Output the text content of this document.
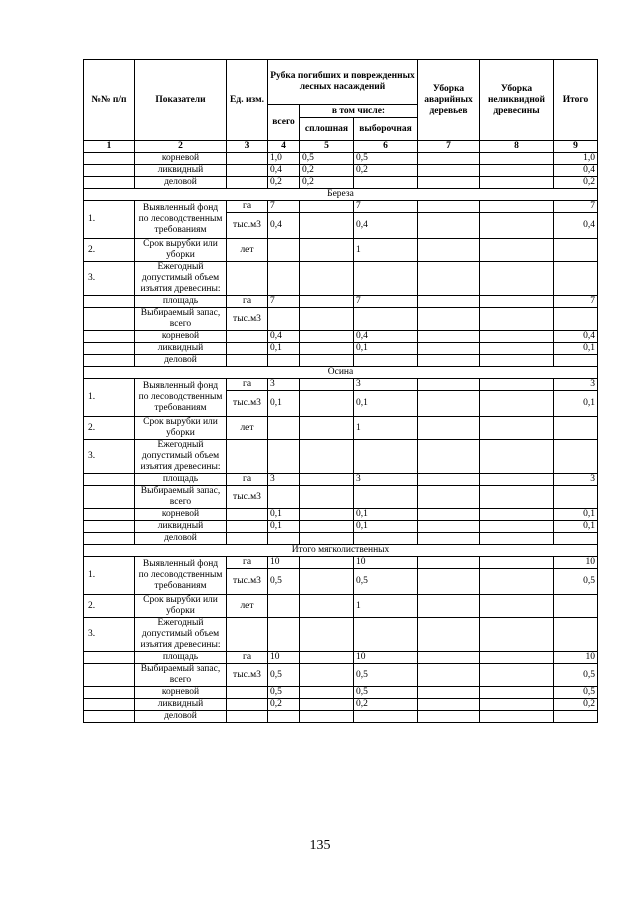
№№ п/п	Показатели	Ед. изм.	Рубка погибших и поврежденных лесных насаждений			Уборка аварийных деревьев	Уборка неликвидной древесины	Итого
			всего	в том числе:				
				сплошная	выборочная			
1	2	3	4	5	6	7	8	9
	корневой		1,0	0,5	0,5			1,0
	ликвидный		0,4	0,2	0,2			0,4
	деловой		0,2	0,2				0,2
Береза								
1.	Выявленный фонд по лесоводственным требованиям	га	7		7			7
		тыс.м3	0,4		0,4			0,4
2.	Срок вырубки или уборки	лет			1			
3.	Ежегодный допустимый объем изъятия древесины:							
	площадь	га	7		7			7
	Выбираемый запас, всего	тыс.м3						
	корневой		0,4		0,4			0,4
	ликвидный		0,1		0,1			0,1
	деловой							
Осина								
1.	Выявленный фонд по лесоводственным требованиям	га	3		3			3
		тыс.м3	0,1		0,1			0,1
2.	Срок вырубки или уборки	лет			1			
3.	Ежегодный допустимый объем изъятия древесины:							
	площадь	га	3		3			3
	Выбираемый запас, всего	тыс.м3						
	корневой		0,1		0,1			0,1
	ликвидный		0,1		0,1			0,1
	деловой							
Итого мягколиственных								
1.	Выявленный фонд по лесоводственным требованиям	га	10		10			10
		тыс.м3	0,5		0,5			0,5
2.	Срок вырубки или уборки	лет			1			
3.	Ежегодный допустимый объем изъятия древесины:							
	площадь	га	10		10			10
	Выбираемый запас, всего	тыс.м3	0,5		0,5			0,5
	корневой		0,5		0,5			0,5
	ликвидный		0,2		0,2			0,2
	деловой							
135
